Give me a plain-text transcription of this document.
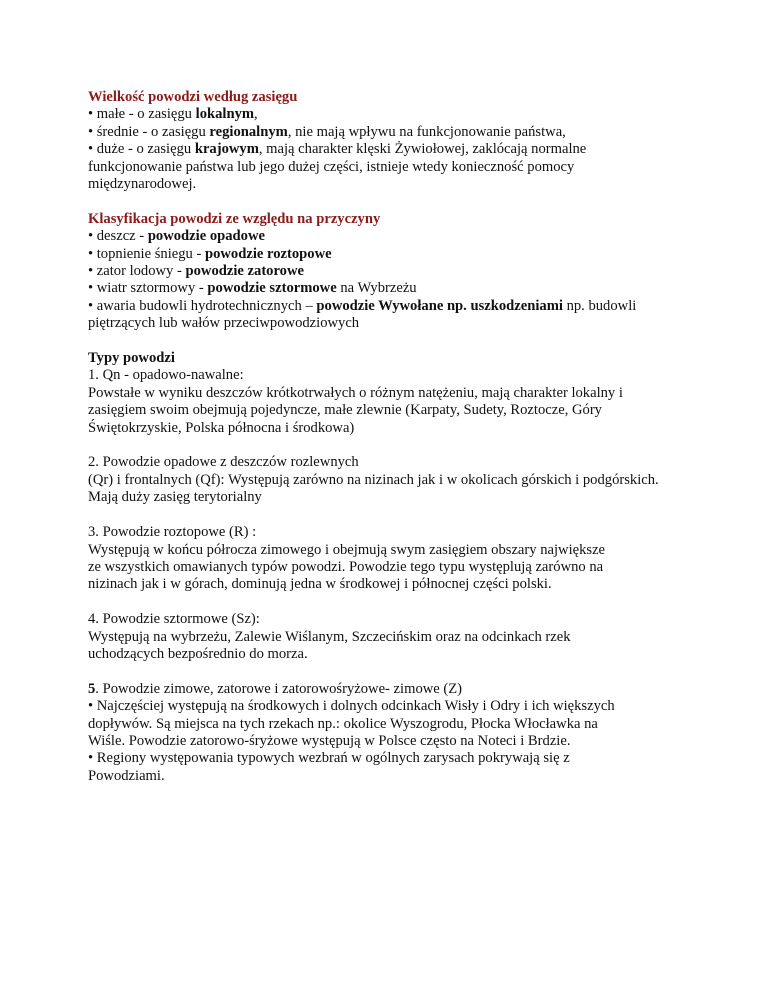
Wielkość powodzi według zasięgu
• małe - o zasięgu lokalnym,
• średnie - o zasięgu regionalnym, nie mają wpływu na funkcjonowanie państwa,
• duże - o zasięgu krajowym, mają charakter klęski Żywiołowej, zaklócają normalne
funkcjonowanie państwa lub jego dużej części, istnieje wtedy konieczność pomocy
międzynarodowej.
Klasyfikacja powodzi ze względu na przyczyny
• deszcz - powodzie opadowe
• topnienie śniegu - powodzie roztopowe
• zator lodowy - powodzie zatorowe
• wiatr sztormowy - powodzie sztormowe na Wybrzeżu
• awaria budowli hydrotechnicznych – powodzie Wywołane np. uszkodzeniami np. budowli
piętrzących lub wałów przeciwpowodziowych
Typy powodzi
1. Qn - opadowo-nawalne:
Powstałe w wyniku deszczów krótkotrwałych o różnym natężeniu, mają charakter lokalny i
zasięgiem swoim obejmują pojedyncze, małe zlewnie (Karpaty, Sudety, Roztocze, Góry
Świętokrzyskie, Polska północna i środkowa)
2. Powodzie opadowe z deszczów rozlewnych
(Qr) i frontalnych (Qf): Występują zarówno na nizinach jak i w okolicach górskich i podgórskich.
Mają duży zasięg terytorialny
3. Powodzie roztopowe (R) :
Występują w końcu półrocza zimowego i obejmują swym zasięgiem obszary największe
ze wszystkich omawianych typów powodzi. Powodzie tego typu występlują zarówno na
nizinach jak i w górach, dominują jedna w środkowej i północnej części polski.
4. Powodzie sztormowe (Sz):
Występują na wybrzeżu, Zalewie Wiślanym, Szczecińskim oraz na odcinkach rzek
uchodzących bezpośrednio do morza.
5. Powodzie zimowe, zatorowe i zatorowośryżowe- zimowe (Z)
• Najczęściej występują na środkowych i dolnych odcinkach Wisły i Odry i ich większych
dopływów. Są miejsca na tych rzekach np.: okolice Wyszogrodu, Płocka Włocławka na
Wiśle. Powodzie zatorowo-śryżowe występują w Polsce często na Noteci i Brdzie.
• Regiony występowania typowych wezbrań w ogólnych zarysach pokrywają się z
Powodziami.
